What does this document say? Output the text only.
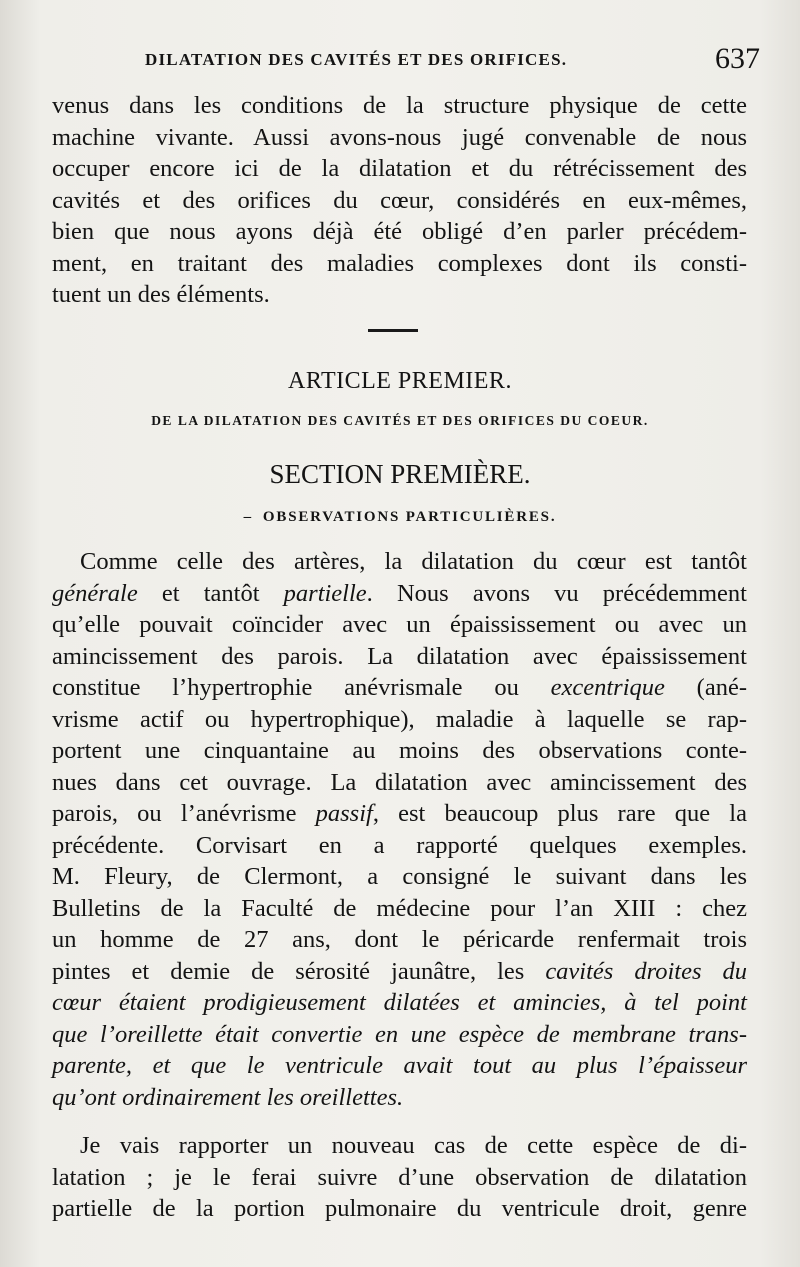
DILATATION DES CAVITÉS ET DES ORIFICES.	637

venus dans les conditions de la structure physique de cette
machine vivante. Aussi avons-nous jugé convenable de nous
occuper encore ici de la dilatation et du rétrécissement des
cavités et des orifices du cœur, considérés en eux-mêmes,
bien que nous ayons déjà été obligé d’en parler précédem-
ment, en traitant des maladies complexes dont ils consti-
tuent un des éléments.

ARTICLE PREMIER.
DE LA DILATATION DES CAVITÉS ET DES ORIFICES DU COEUR.
SECTION PREMIÈRE.
– OBSERVATIONS PARTICULIÈRES.

Comme celle des artères, la dilatation du cœur est tantôt
générale et tantôt partielle. Nous avons vu précédemment
qu’elle pouvait coïncider avec un épaississement ou avec un
amincissement des parois. La dilatation avec épaississement
constitue l’hypertrophie anévrismale ou excentrique (ané-
vrisme actif ou hypertrophique), maladie à laquelle se rap-
portent une cinquantaine au moins des observations conte-
nues dans cet ouvrage. La dilatation avec amincissement des
parois, ou l’anévrisme passif, est beaucoup plus rare que la
précédente. Corvisart en a rapporté quelques exemples.
M. Fleury, de Clermont, a consigné le suivant dans les
Bulletins de la Faculté de médecine pour l’an XIII : chez
un homme de 27 ans, dont le péricarde renfermait trois
pintes et demie de sérosité jaunâtre, les cavités droites du
cœur étaient prodigieusement dilatées et amincies, à tel point
que l’oreillette était convertie en une espèce de membrane trans-
parente, et que le ventricule avait tout au plus l’épaisseur
qu’ont ordinairement les oreillettes.

Je vais rapporter un nouveau cas de cette espèce de di-
latation ; je le ferai suivre d’une observation de dilatation
partielle de la portion pulmonaire du ventricule droit, genre
